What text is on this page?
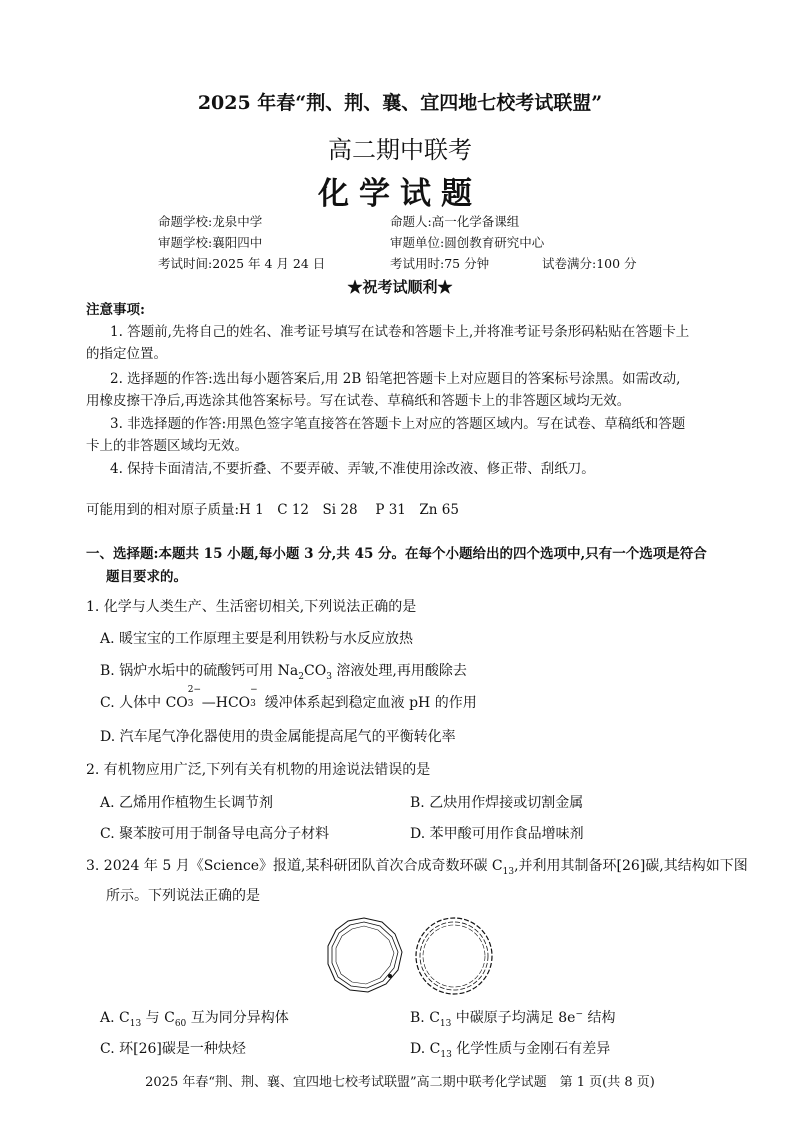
2025 年春“荆、荆、襄、宜四地七校考试联盟”
高二期中联考
化学试题
命题学校:龙泉中学	命题人:高一化学备课组
审题学校:襄阳四中	审题单位:圆创教育研究中心
考试时间:2025 年 4 月 24 日	考试用时:75 分钟	试卷满分:100 分
★祝考试顺利★
注意事项:
1. 答题前,先将自己的姓名、准考证号填写在试卷和答题卡上,并将准考证号条形码粘贴在答题卡上
的指定位置。
2. 选择题的作答:选出每小题答案后,用 2B 铅笔把答题卡上对应题目的答案标号涂黑。如需改动,
用橡皮擦干净后,再选涂其他答案标号。写在试卷、草稿纸和答题卡上的非答题区域均无效。
3. 非选择题的作答:用黑色签字笔直接答在答题卡上对应的答题区域内。写在试卷、草稿纸和答题
卡上的非答题区域均无效。
4. 保持卡面清洁,不要折叠、不要弄破、弄皱,不准使用涂改液、修正带、刮纸刀。
可能用到的相对原子质量:H 1　C 12　Si 28　 P 31　Zn 65
一、选择题:本题共 15 小题,每小题 3 分,共 45 分。在每个小题给出的四个选项中,只有一个选项是符合
题目要求的。
1. 化学与人类生产、生活密切相关,下列说法正确的是
A. 暖宝宝的工作原理主要是利用铁粉与水反应放热
B. 锅炉水垢中的硫酸钙可用 $Na_2CO_3$ 溶液处理,再用酸除去
C. 人体中 CO
2−
3 —HCO
−
3 缓冲体系起到稳定血液 pH 的作用
D. 汽车尾气净化器使用的贵金属能提高尾气的平衡转化率
2. 有机物应用广泛,下列有关有机物的用途说法错误的是
A. 乙烯用作植物生长调节剂	B. 乙炔用作焊接或切割金属
C. 聚苯胺可用于制备导电高分子材料	D. 苯甲酸可用作食品增味剂
3. 2024 年 5 月《Science》报道,某科研团队首次合成奇数环碳 $C_{13}$,并利用其制备环[26]碳,其结构如下图
所示。下列说法正确的是
A. $C_{13}$ 与 $C_{60}$ 互为同分异构体	B. $C_{13}$ 中碳原子均满足 8e− 结构
C. 环[26]碳是一种炔烃	D. $C_{13}$ 化学性质与金刚石有差异
2025 年春“荆、荆、襄、宜四地七校考试联盟”高二期中联考化学试题　第 1 页(共 8 页)
